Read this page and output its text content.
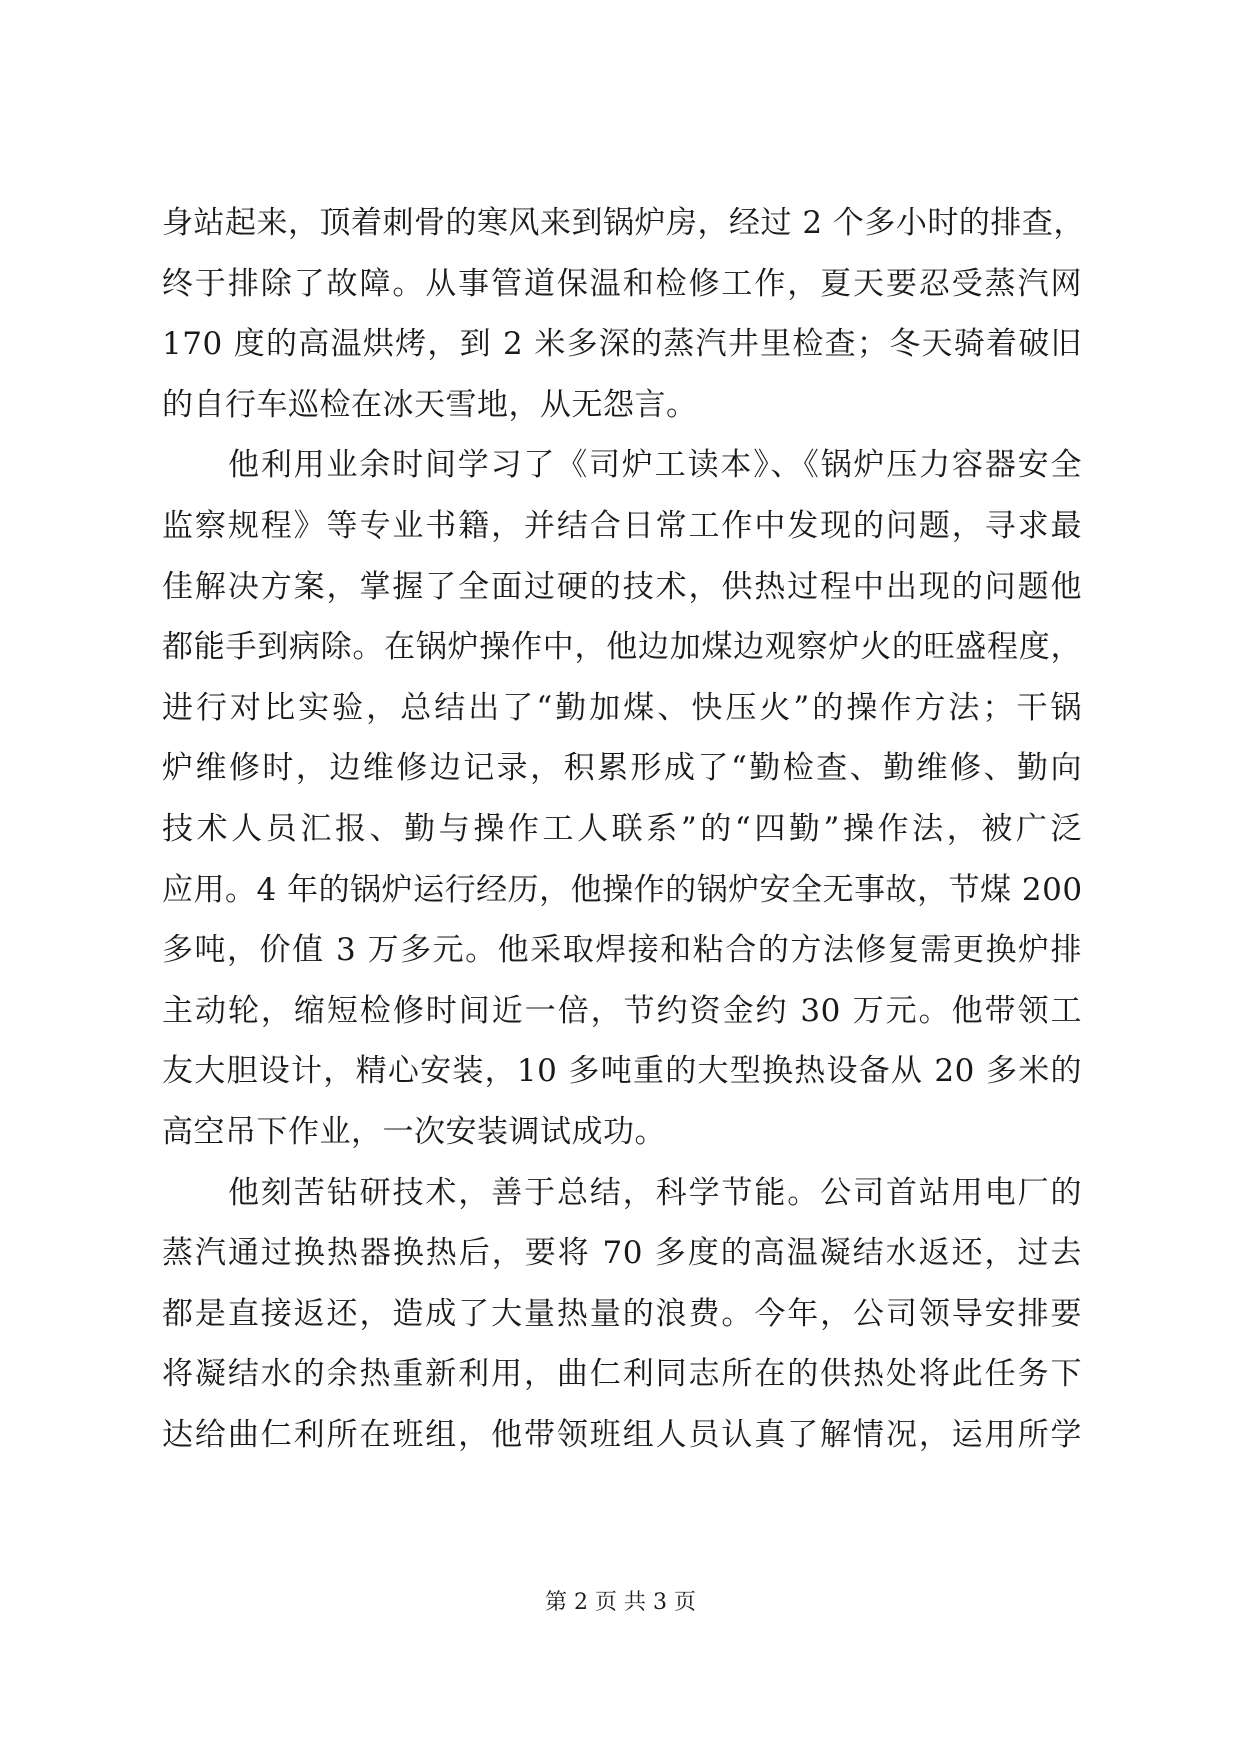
身站起来，顶着刺骨的寒风来到锅炉房，经过 2 个多小时的排查，
终于排除了故障。从事管道保温和检修工作，夏天要忍受蒸汽网
170 度的高温烘烤，到 2 米多深的蒸汽井里检查；冬天骑着破旧
的自行车巡检在冰天雪地，从无怨言。
他利用业余时间学习了《司炉工读本》、《锅炉压力容器安全
监察规程》等专业书籍，并结合日常工作中发现的问题，寻求最
佳解决方案，掌握了全面过硬的技术，供热过程中出现的问题他
都能手到病除。在锅炉操作中，他边加煤边观察炉火的旺盛程度，
进行对比实验，总结出了“勤加煤、快压火”的操作方法；干锅
炉维修时，边维修边记录，积累形成了“勤检查、勤维修、勤向
技术人员汇报、勤与操作工人联系”的“四勤”操作法，被广泛
应用。4 年的锅炉运行经历，他操作的锅炉安全无事故，节煤 200
多吨，价值 3 万多元。他采取焊接和粘合的方法修复需更换炉排
主动轮，缩短检修时间近一倍，节约资金约 30 万元。他带领工
友大胆设计，精心安装，10 多吨重的大型换热设备从 20 多米的
高空吊下作业，一次安装调试成功。
他刻苦钻研技术，善于总结，科学节能。公司首站用电厂的
蒸汽通过换热器换热后，要将 70 多度的高温凝结水返还，过去
都是直接返还，造成了大量热量的浪费。今年，公司领导安排要
将凝结水的余热重新利用，曲仁利同志所在的供热处将此任务下
达给曲仁利所在班组，他带领班组人员认真了解情况，运用所学
第 2 页 共 3 页
